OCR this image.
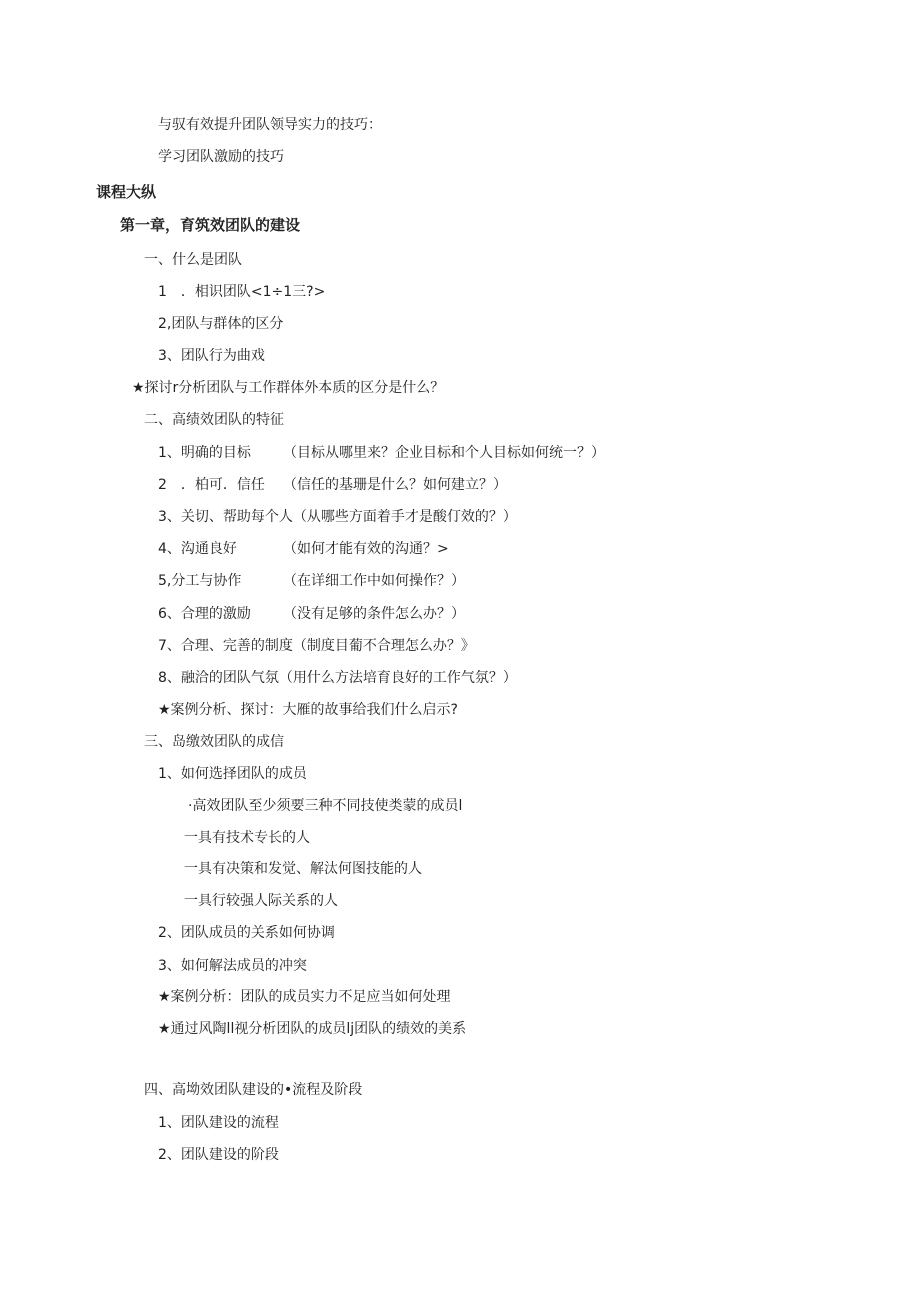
与驭有效提升团队领导实力的技巧：
学习团队激励的技巧
课程大纵
第一章，育筑效团队的建设
一、什么是团队
1　．相识团队<1÷1三?>
2,团队与群体的区分
3、团队行为曲戏
★探讨r分析团队与工作群体外本质的区分是什么？
二、高绩效团队的特征
1、明确的目标 （目标从哪里来？企业目标和个人目标如何统一？）
2　．柏可．信任 （信任的基珊是什么？如何建立？）
3、关切、帮助每个人（从哪些方面着手才是酸仃效的？）
4、沟通良好	（如何才能有效的沟通？>
5,分工与协作	（在详细工作中如何操作？）
6、合理的激励 （没有足够的条件怎么办？）
7、合理、完善的制度（制度目葡不合理怎么办？》
8、融洽的团队气氛（用什么方法培育良好的工作气氛？）
★案例分析、探讨：大雁的故事给我们什么启示?
三、岛缴效团队的成信
1、如何选择团队的成员
·高效团队至少须要三种不同技使类蒙的成员l
一具有技术专长的人
一具有决策和发觉、解汰何图技能的人
一具行较强人际关系的人
2、团队成员的关系如何协调
3、如何解法成员的冲突
★案例分析：团队的成员实力不足应当如何处理
★通过风陶ll视分析团队的成员lj团队的绩效的美系
四、高坳效团队建设的•流程及阶段
1、团队建设的流程
2、团队建设的阶段
